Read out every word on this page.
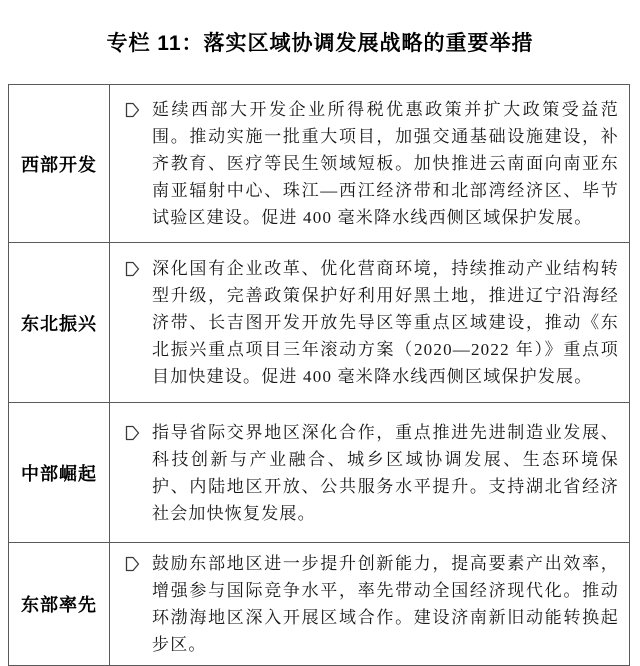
专栏 11：落实区域协调发展战略的重要举措
西部开发	延续西部大开发企业所得税优惠政策并扩大政策受益范围。推动实施一批重大项目，加强交通基础设施建设，补齐教育、医疗等民生领域短板。加快推进云南面向南亚东南亚辐射中心、珠江—西江经济带和北部湾经济区、毕节试验区建设。促进 400 毫米降水线西侧区域保护发展。

东北振兴	深化国有企业改革、优化营商环境，持续推动产业结构转型升级，完善政策保护好利用好黑土地，推进辽宁沿海经济带、长吉图开发开放先导区等重点区域建设，推动《东北振兴重点项目三年滚动方案（2020—2022 年）》重点项目加快建设。促进 400 毫米降水线西侧区域保护发展。

中部崛起	指导省际交界地区深化合作，重点推进先进制造业发展、科技创新与产业融合、城乡区域协调发展、生态环境保护、内陆地区开放、公共服务水平提升。支持湖北省经济社会加快恢复发展。

东部率先	鼓励东部地区进一步提升创新能力，提高要素产出效率，增强参与国际竞争水平，率先带动全国经济现代化。推动环渤海地区深入开展区域合作。建设济南新旧动能转换起步区。
